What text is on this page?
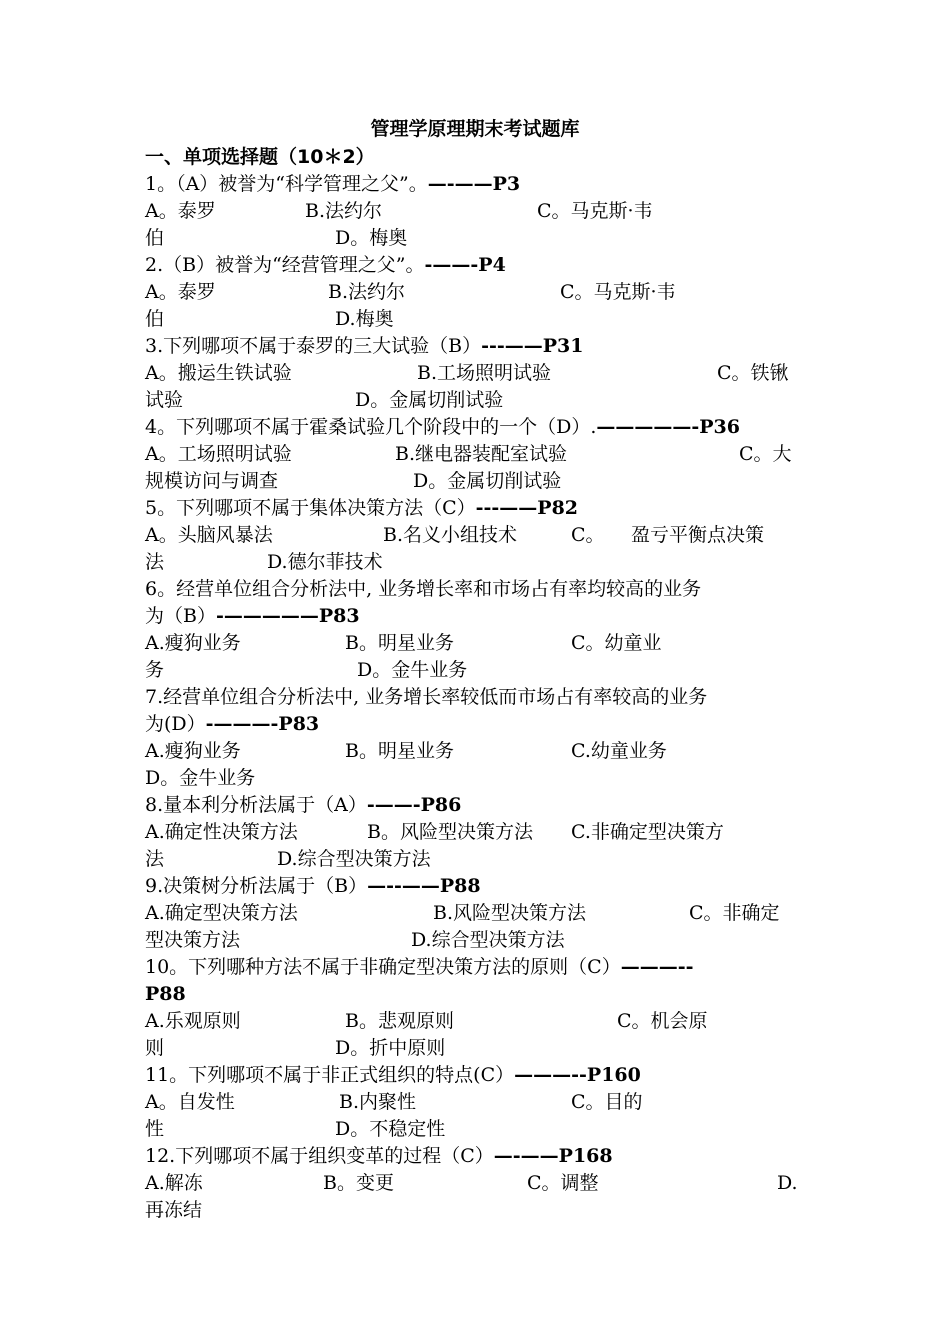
管理学原理期末考试题库
一、单项选择题（10＊2）
1。（A）被誉为“科学管理之父”。—-——P3
A。泰罗	B.法约尔	C。马克斯·韦
伯	D。梅奥
2.（B）被誉为“经营管理之父”。-——-P4
A。泰罗	B.法约尔	C。马克斯·韦
伯	D.梅奥
3.下列哪项不属于泰罗的三大试验（B）---——P31
A。搬运生铁试验	B.工场照明试验	C。铁锹
试验	D。金属切削试验
4。下列哪项不属于霍桑试验几个阶段中的一个（D）.—————-P36
A。工场照明试验	B.继电器装配室试验	C。大
规模访问与调查	D。金属切削试验
5。下列哪项不属于集体决策方法（C）---——P82
A。头脑风暴法	B.名义小组技术	C。 盈亏平衡点决策
法	D.德尔菲技术
6。经营单位组合分析法中, 业务增长率和市场占有率均较高的业务
为（B）-—————P83
A.瘦狗业务	B。明星业务	C。幼童业
务	D。金牛业务
7.经营单位组合分析法中, 业务增长率较低而市场占有率较高的业务
为(D）-———-P83
A.瘦狗业务	B。明星业务	C.幼童业务
D。金牛业务
8.量本利分析法属于（A）-——-P86
A.确定性决策方法	B。风险型决策方法 C.非确定型决策方
法	D.综合型决策方法
9.决策树分析法属于（B）—--——P88
A.确定型决策方法	B.风险型决策方法	C。非确定
型决策方法	D.综合型决策方法
10。下列哪种方法不属于非确定型决策方法的原则（C）———--
P88
A.乐观原则	B。悲观原则	C。机会原
则	D。折中原则
11。下列哪项不属于非正式组织的特点(C）———--P160
A。自发性	B.内聚性	C。目的
性	D。不稳定性
12.下列哪项不属于组织变革的过程（C）—-——P168
A.解冻	B。变更	C。调整	D.
再冻结
